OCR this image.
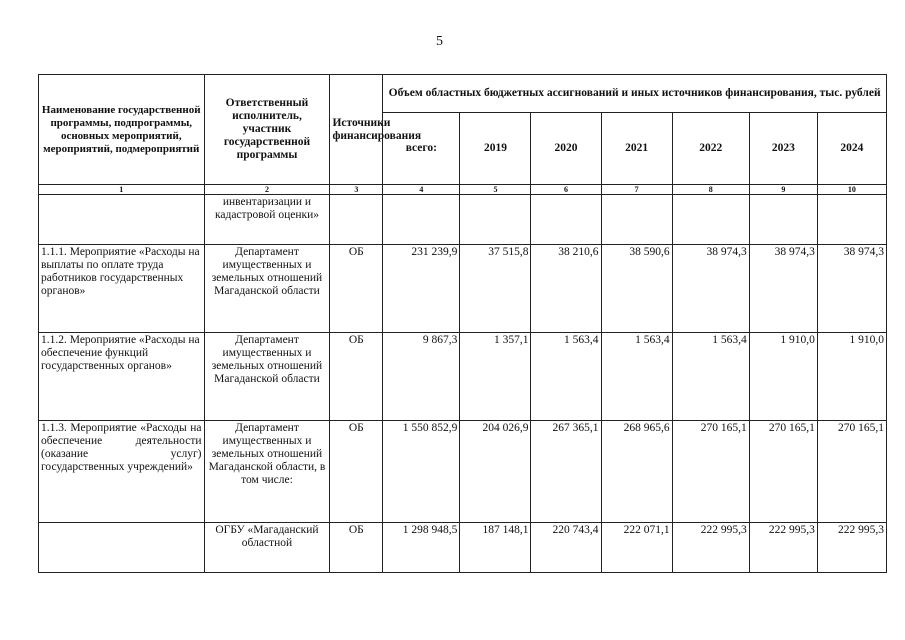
5
Наименование государственной программы, подпрограммы, основных мероприятий, мероприятий, подмероприятий	Ответственный исполнитель, участник государственной программы	Источники финансирования	Объем областных бюджетных ассигнований и иных источников финансирования, тыс. рублей						
			всего:	2019	2020	2021	2022	2023	2024
1	2	3	4	5	6	7	8	9	10
	инвентаризации и кадастровой оценки»								
1.1.1. Мероприятие «Расходы на выплаты по оплате труда работников государственных органов»	Департамент имущественных и земельных отношений Магаданской области	ОБ	231 239,9	37 515,8	38 210,6	38 590,6	38 974,3	38 974,3	38 974,3
1.1.2. Мероприятие «Расходы на обеспечение функций государственных органов»	Департамент имущественных и земельных отношений Магаданской области	ОБ	9 867,3	1 357,1	1 563,4	1 563,4	1 563,4	1 910,0	1 910,0
1.1.3. Мероприятие «Расходы на обеспечение деятельности (оказание услуг) государственных учреждений»	Департамент имущественных и земельных отношений Магаданской области, в том числе:	ОБ	1 550 852,9	204 026,9	267 365,1	268 965,6	270 165,1	270 165,1	270 165,1
	ОГБУ «Магаданский областной	ОБ	1 298 948,5	187 148,1	220 743,4	222 071,1	222 995,3	222 995,3	222 995,3
